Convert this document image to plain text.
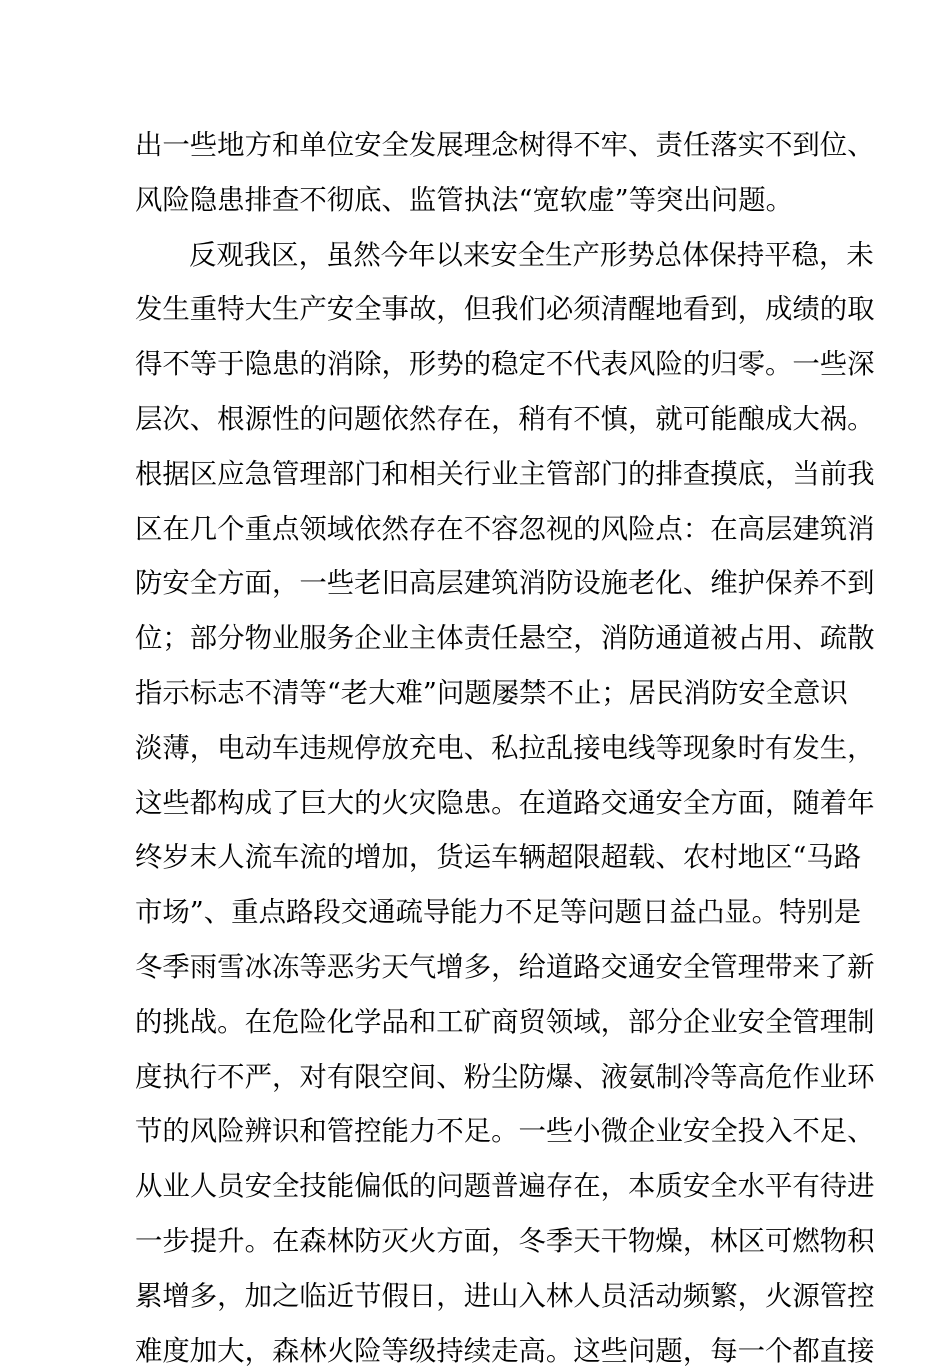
出一些地方和单位安全发展理念树得不牢、责任落实不到位、
风险隐患排查不彻底、监管执法“宽软虚”等突出问题。
反观我区，虽然今年以来安全生产形势总体保持平稳，未
发生重特大生产安全事故，但我们必须清醒地看到，成绩的取
得不等于隐患的消除，形势的稳定不代表风险的归零。一些深
层次、根源性的问题依然存在，稍有不慎，就可能酿成大祸。
根据区应急管理部门和相关行业主管部门的排查摸底，当前我
区在几个重点领域依然存在不容忽视的风险点：在高层建筑消
防安全方面，一些老旧高层建筑消防设施老化、维护保养不到
位；部分物业服务企业主体责任悬空，消防通道被占用、疏散
指示标志不清等“老大难”问题屡禁不止；居民消防安全意识
淡薄，电动车违规停放充电、私拉乱接电线等现象时有发生，
这些都构成了巨大的火灾隐患。在道路交通安全方面，随着年
终岁末人流车流的增加，货运车辆超限超载、农村地区“马路
市场”、重点路段交通疏导能力不足等问题日益凸显。特别是
冬季雨雪冰冻等恶劣天气增多，给道路交通安全管理带来了新
的挑战。在危险化学品和工矿商贸领域，部分企业安全管理制
度执行不严，对有限空间、粉尘防爆、液氨制冷等高危作业环
节的风险辨识和管控能力不足。一些小微企业安全投入不足、
从业人员安全技能偏低的问题普遍存在，本质安全水平有待进
一步提升。在森林防灭火方面，冬季天干物燥，林区可燃物积
累增多，加之临近节假日，进山入林人员活动频繁，火源管控
难度加大，森林火险等级持续走高。这些问题，每一个都直接
